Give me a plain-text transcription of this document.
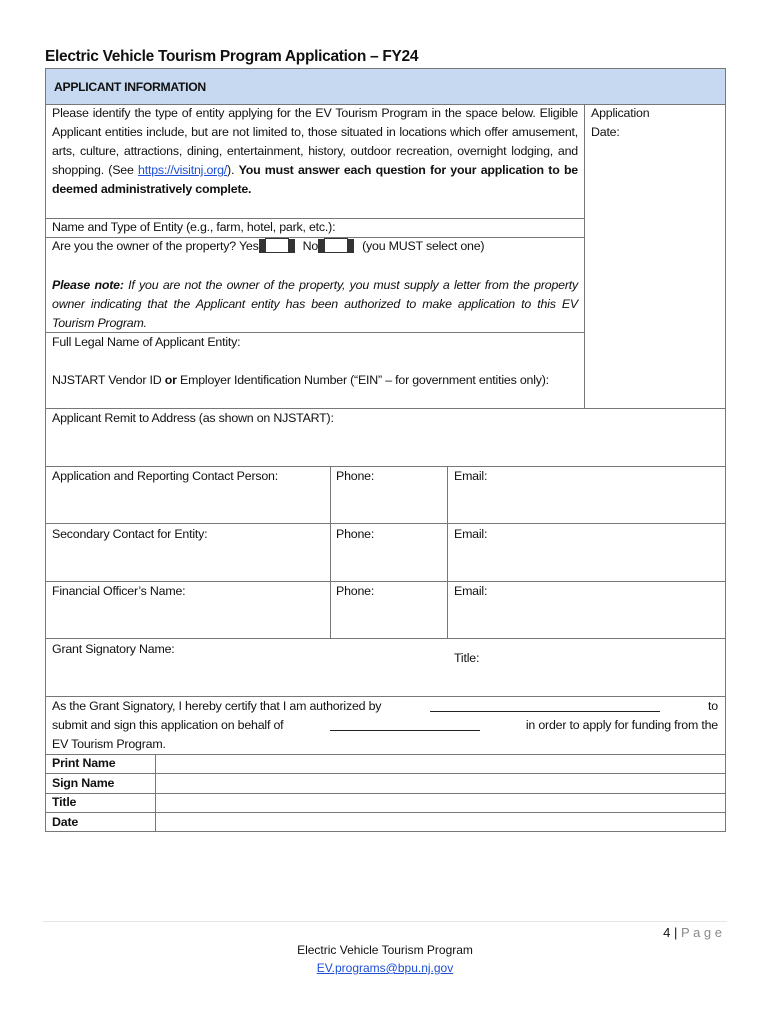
Electric Vehicle Tourism Program Application – FY24
APPLICANT INFORMATION
Application Date:
Please identify the type of entity applying for the EV Tourism Program in the space below. Eligible Applicant entities include, but are not limited to, those situated in locations which offer amusement, arts, culture, attractions, dining, entertainment, history, outdoor recreation, overnight lodging, and shopping. (See https://visitnj.org/). You must answer each question for your application to be deemed administratively complete.
Name and Type of Entity (e.g., farm, hotel, park, etc.):
Are you the owner of the property? Yes	No	(you MUST select one)
Please note: If you are not the owner of the property, you must supply a letter from the property owner indicating that the Applicant entity has been authorized to make application to this EV Tourism Program.
Full Legal Name of Applicant Entity:
NJSTART Vendor ID or Employer Identification Number (“EIN” – for government entities only):
Applicant Remit to Address (as shown on NJSTART):
Application and Reporting Contact Person:	Phone:	Email:
Secondary Contact for Entity:	Phone:	Email:
Financial Officer’s Name:	Phone:	Email:
Grant Signatory Name:
Title:
As the Grant Signatory, I hereby certify that I am authorized by	to
submit and sign this application on behalf of	in order to apply for funding from the
EV Tourism Program.
Print Name
Sign Name
Title
Date
4 | P a g e
Electric Vehicle Tourism Program
EV.programs@bpu.nj.gov
